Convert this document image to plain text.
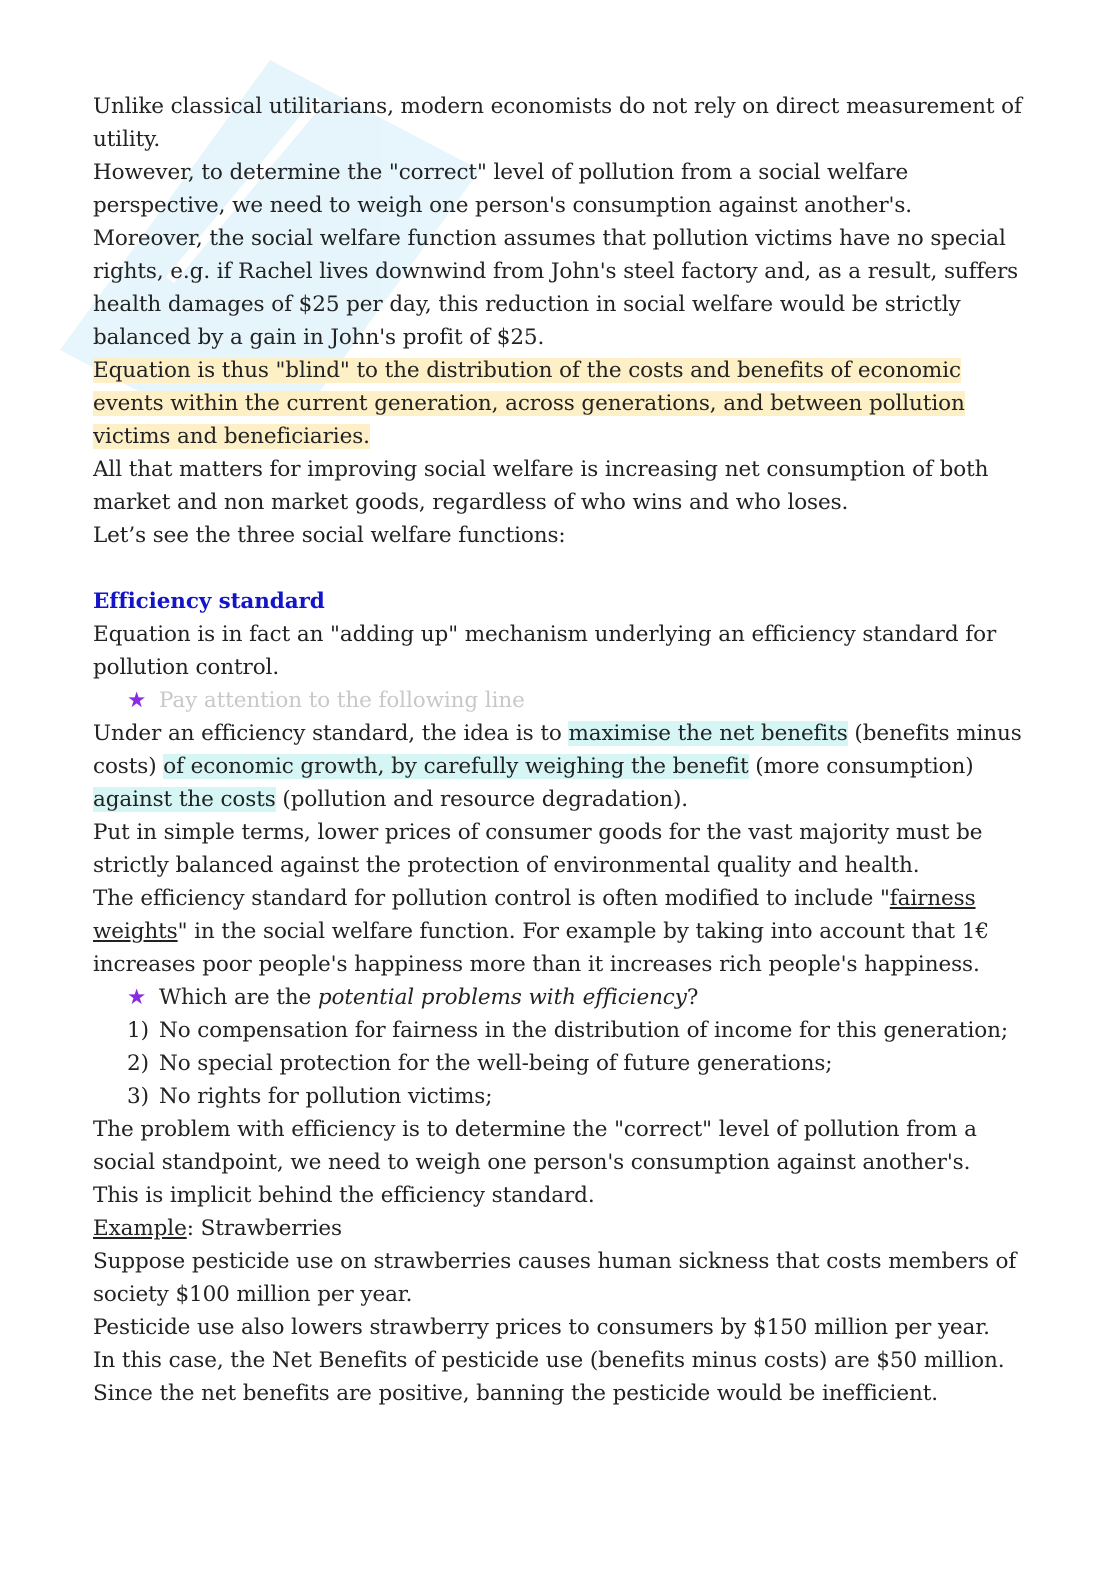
Unlike classical utilitarians, modern economists do not rely on direct measurement of utility.

However, to determine the "correct" level of pollution from a social welfare perspective, we need to weigh one person's consumption against another's.

Moreover, the social welfare function assumes that pollution victims have no special rights, e.g. if Rachel lives downwind from John's steel factory and, as a result, suffers health damages of $25 per day, this reduction in social welfare would be strictly balanced by a gain in John's profit of $25.

Equation is thus "blind" to the distribution of the costs and benefits of economic events within the current generation, across generations, and between pollution victims and beneficiaries.

All that matters for improving social welfare is increasing net consumption of both market and non market goods, regardless of who wins and who loses.

Let’s see the three social welfare functions:

Efficiency standard

Equation is in fact an "adding up" mechanism underlying an efficiency standard for pollution control.

★ Pay attention to the following line

Under an efficiency standard, the idea is to maximise the net benefits (benefits minus costs) of economic growth, by carefully weighing the benefit (more consumption) against the costs (pollution and resource degradation).

Put in simple terms, lower prices of consumer goods for the vast majority must be strictly balanced against the protection of environmental quality and health.

The efficiency standard for pollution control is often modified to include "fairness weights" in the social welfare function. For example by taking into account that 1€ increases poor people's happiness more than it increases rich people's happiness.

★ Which are the potential problems with efficiency?
1) No compensation for fairness in the distribution of income for this generation;
2) No special protection for the well-being of future generations;
3) No rights for pollution victims;

The problem with efficiency is to determine the "correct" level of pollution from a social standpoint, we need to weigh one person's consumption against another's.

This is implicit behind the efficiency standard.

Example: Strawberries

Suppose pesticide use on strawberries causes human sickness that costs members of society $100 million per year.

Pesticide use also lowers strawberry prices to consumers by $150 million per year.

In this case, the Net Benefits of pesticide use (benefits minus costs) are $50 million.

Since the net benefits are positive, banning the pesticide would be inefficient.
